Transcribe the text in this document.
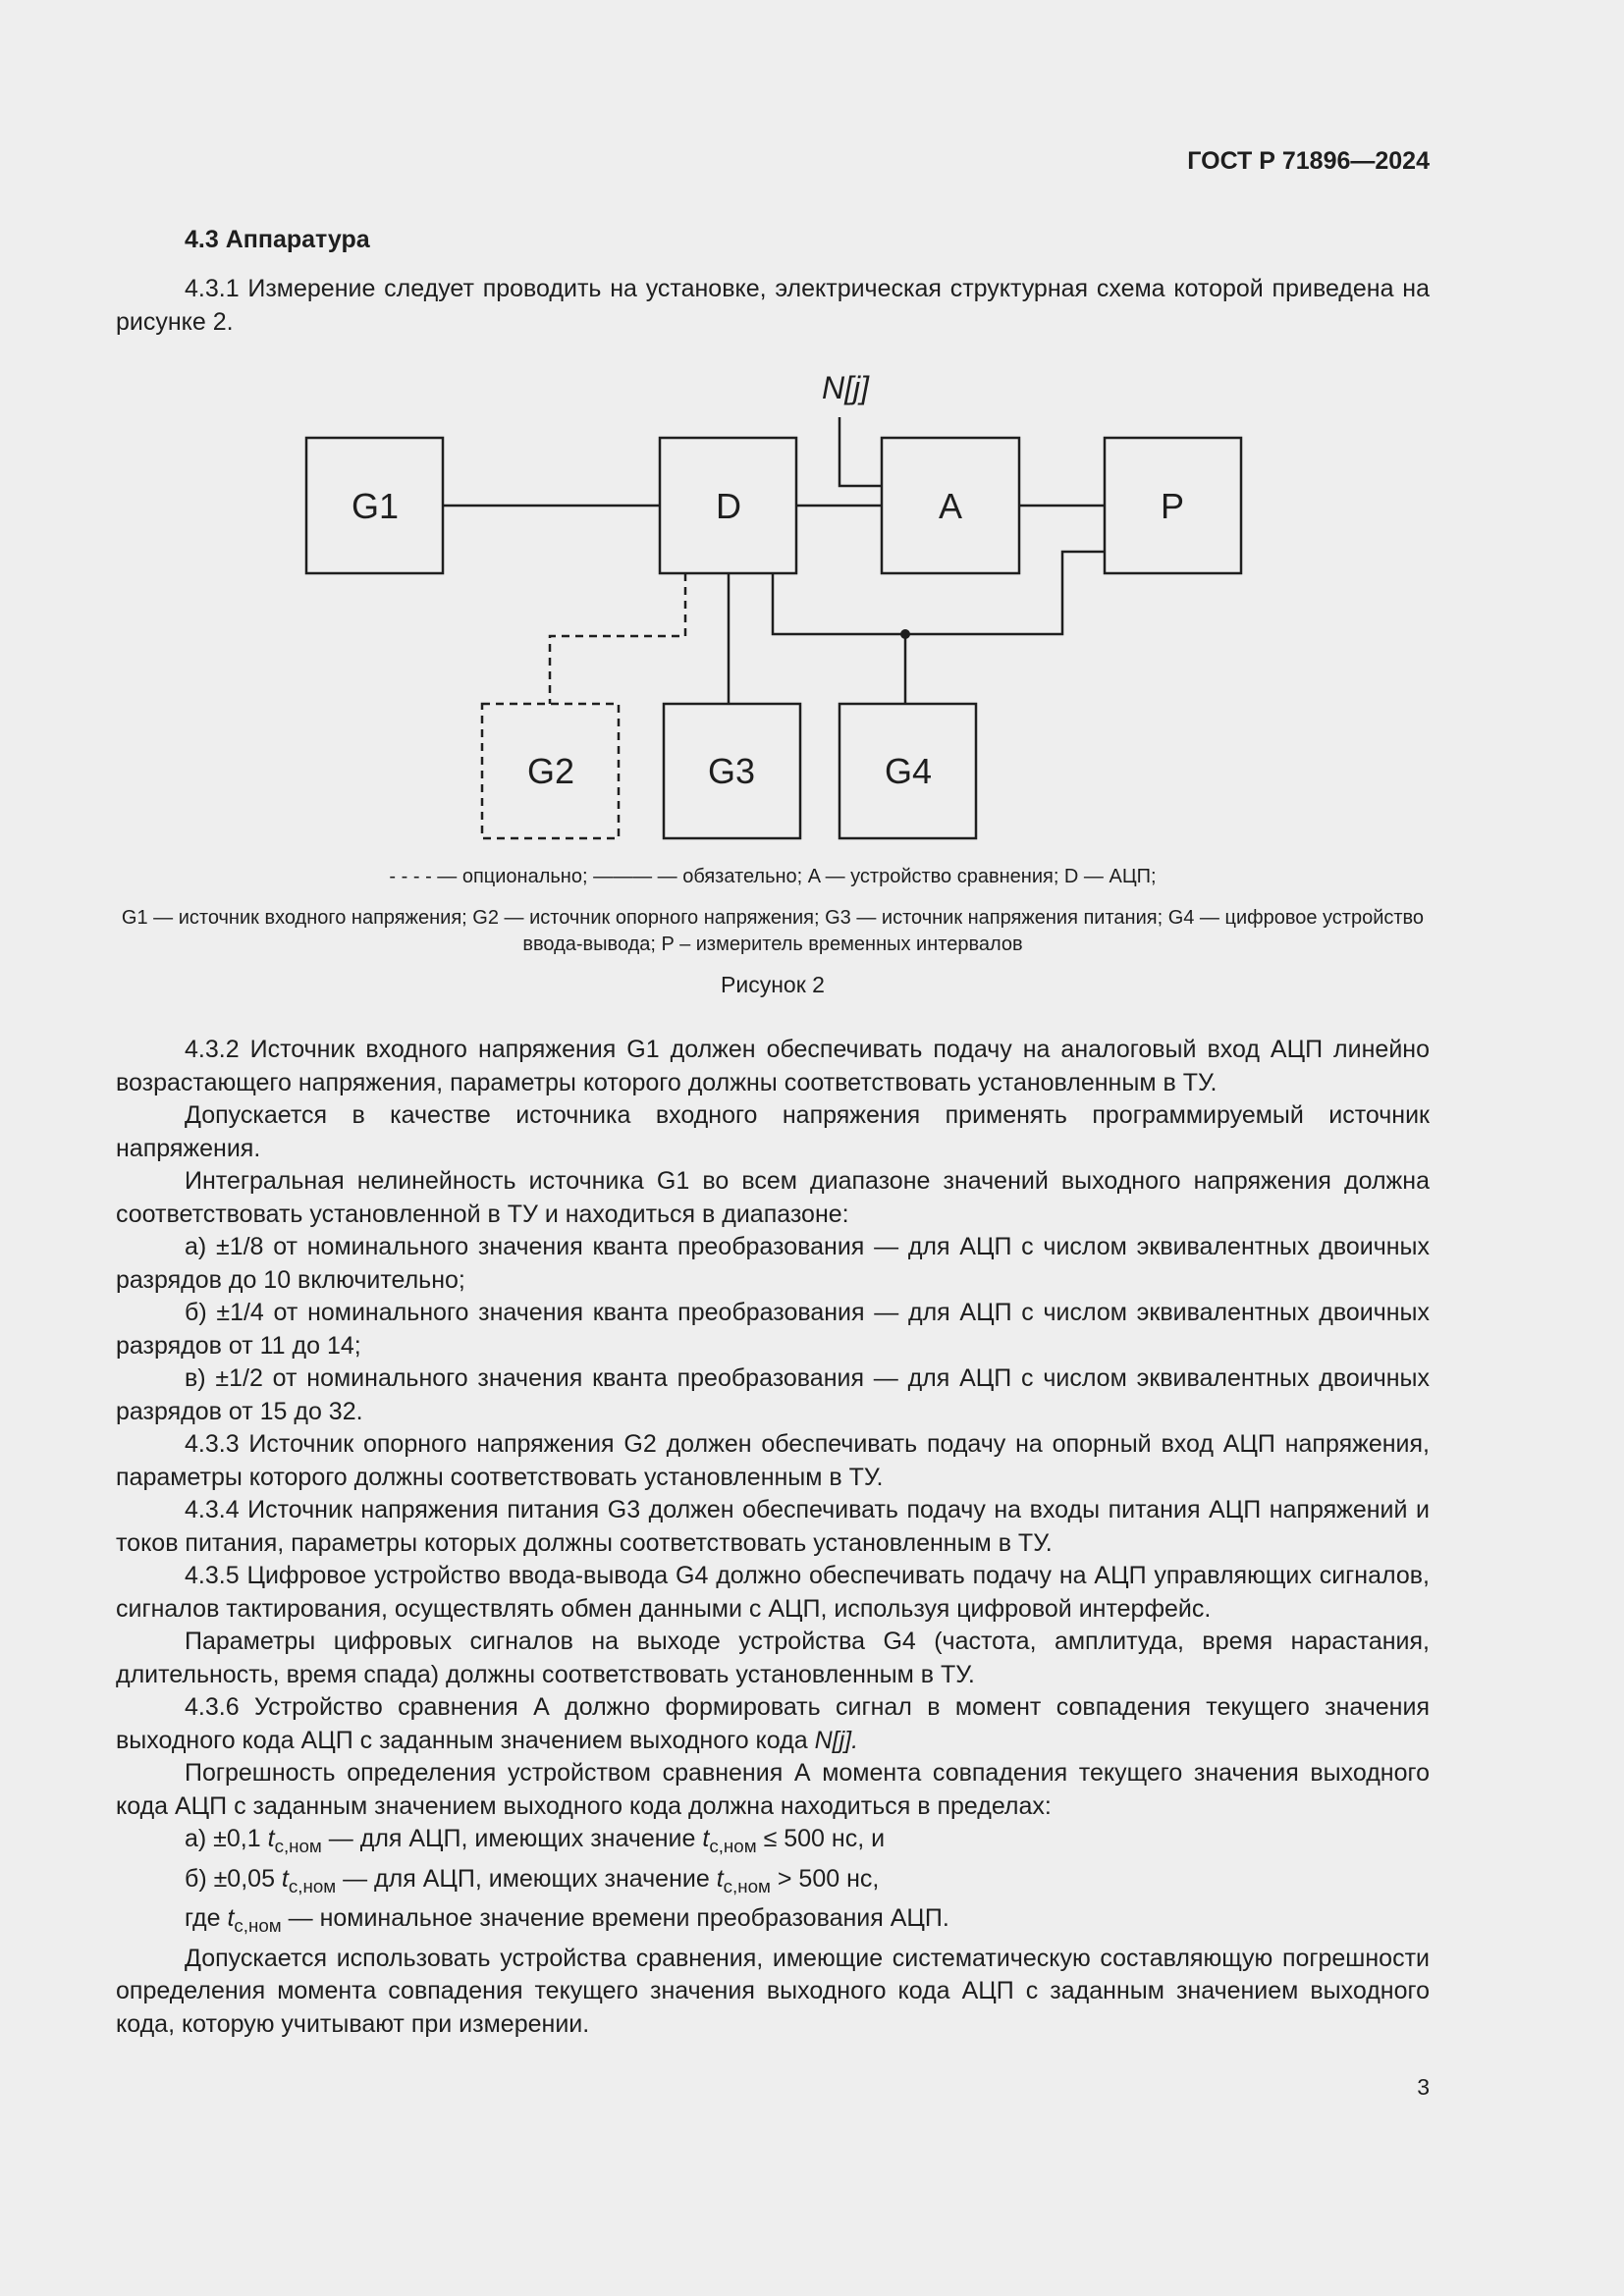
ГОСТ Р 71896—2024
4.3 Аппаратура

4.3.1 Измерение следует проводить на установке, электрическая структурная схема которой приведена на рисунке 2.

G1	D	A	P
G2	G3	G4
N[j]
- - - - — опционально; ——— — обязательно; A — устройство сравнения; D — АЦП;
G1 — источник входного напряжения; G2 — источник опорного напряжения; G3 — источник напряжения питания; G4 — цифровое устройство ввода-вывода; P – измеритель временных интервалов
Рисунок 2

4.3.2 Источник входного напряжения G1 должен обеспечивать подачу на аналоговый вход АЦП линейно возрастающего напряжения, параметры которого должны соответствовать установленным в ТУ.

Допускается в качестве источника входного напряжения применять программируемый источник напряжения.

Интегральная нелинейность источника G1 во всем диапазоне значений выходного напряжения должна соответствовать установленной в ТУ и находиться в диапазоне:

а) ±1/8 от номинального значения кванта преобразования — для АЦП с числом эквивалентных двоичных разрядов до 10 включительно;

б) ±1/4 от номинального значения кванта преобразования — для АЦП с числом эквивалентных двоичных разрядов от 11 до 14;

в) ±1/2 от номинального значения кванта преобразования — для АЦП с числом эквивалентных двоичных разрядов от 15 до 32.

4.3.3 Источник опорного напряжения G2 должен обеспечивать подачу на опорный вход АЦП напряжения, параметры которого должны соответствовать установленным в ТУ.

4.3.4 Источник напряжения питания G3 должен обеспечивать подачу на входы питания АЦП напряжений и токов питания, параметры которых должны соответствовать установленным в ТУ.

4.3.5 Цифровое устройство ввода-вывода G4 должно обеспечивать подачу на АЦП управляющих сигналов, сигналов тактирования, осуществлять обмен данными с АЦП, используя цифровой интерфейс.

Параметры цифровых сигналов на выходе устройства G4 (частота, амплитуда, время нарастания, длительность, время спада) должны соответствовать установленным в ТУ.

4.3.6 Устройство сравнения А должно формировать сигнал в момент совпадения текущего значения выходного кода АЦП с заданным значением выходного кода N[j].

Погрешность определения устройством сравнения А момента совпадения текущего значения выходного кода АЦП с заданным значением выходного кода должна находиться в пределах:

а) ±0,1 $t_{с,ном}$ — для АЦП, имеющих значение $t_{с,ном} \le 500$ нс, и

б) ±0,05 $t_{с,ном}$ — для АЦП, имеющих значение $t_{с,ном} > 500$ нс,

где $t_{с,ном}$ — номинальное значение времени преобразования АЦП.

Допускается использовать устройства сравнения, имеющие систематическую составляющую погрешности определения момента совпадения текущего значения выходного кода АЦП с заданным значением выходного кода, которую учитывают при измерении.

3
